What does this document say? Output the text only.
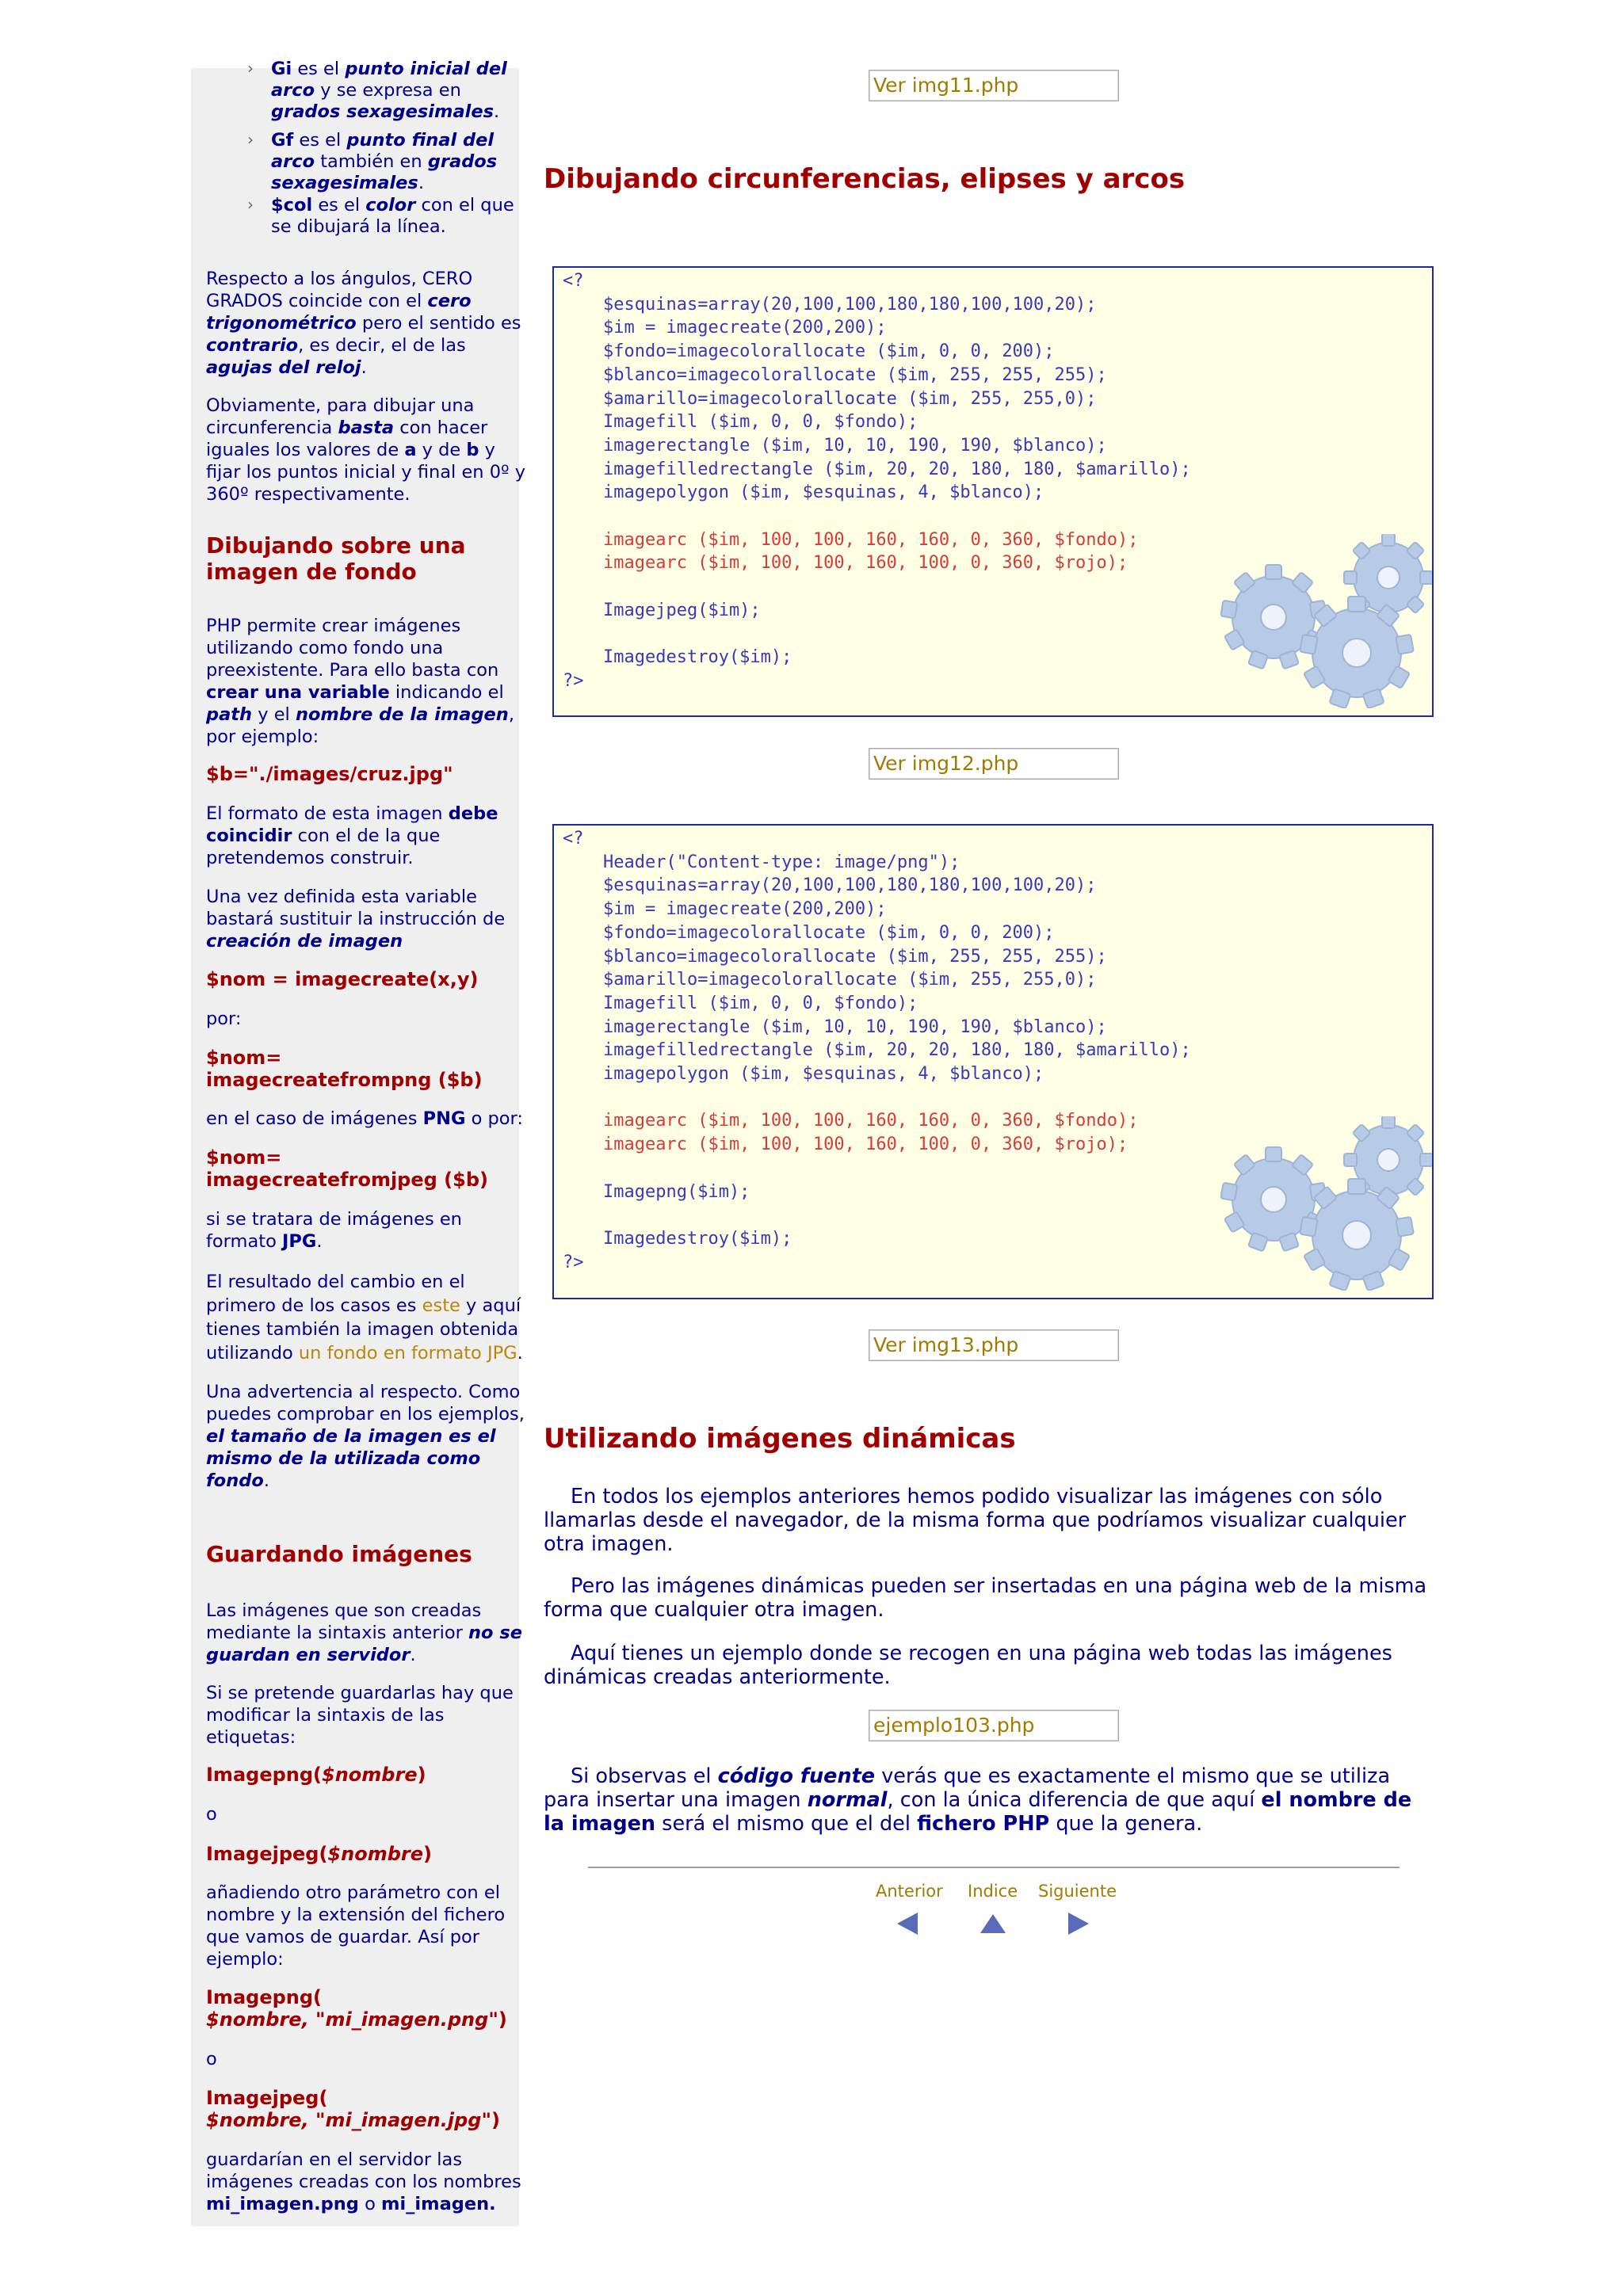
› Gi es el punto inicial del arco y se expresa en grados sexagesimales.
› Gf es el punto final del arco también en grados sexagesimales.
› $col es el color con el que se dibujará la línea.
Respecto a los ángulos, CERO GRADOS coincide con el cero trigonométrico pero el sentido es contrario, es decir, el de las agujas del reloj.
Obviamente, para dibujar una circunferencia basta con hacer iguales los valores de a y de b y fijar los puntos inicial y final en 0º y 360º respectivamente.
Dibujando sobre una imagen de fondo
PHP permite crear imágenes utilizando como fondo una preexistente. Para ello basta con crear una variable indicando el path y el nombre de la imagen, por ejemplo:
$b="./images/cruz.jpg"
El formato de esta imagen debe coincidir con el de la que pretendemos construir.
Una vez definida esta variable bastará sustituir la instrucción de creación de imagen
$nom = imagecreate(x,y)
por:
$nom= imagecreatefrompng ($b)
en el caso de imágenes PNG o por:
$nom= imagecreatefromjpeg ($b)
si se tratara de imágenes en formato JPG.
El resultado del cambio en el primero de los casos es este y aquí tienes también la imagen obtenida utilizando un fondo en formato JPG.
Una advertencia al respecto. Como puedes comprobar en los ejemplos, el tamaño de la imagen es el mismo de la utilizada como fondo.
Guardando imágenes
Las imágenes que son creadas mediante la sintaxis anterior no se guardan en servidor.
Si se pretende guardarlas hay que modificar la sintaxis de las etiquetas:
Imagepng($nombre)
o
Imagejpeg($nombre)
añadiendo otro parámetro con el nombre y la extensión del fichero que vamos de guardar. Así por ejemplo:
Imagepng(
$nombre, "mi_imagen.png")
o
Imagejpeg(
$nombre, "mi_imagen.jpg")
guardarían en el servidor las imágenes creadas con los nombres mi_imagen.png o mi_imagen.
Ver img11.php
Dibujando circunferencias, elipses y arcos
<?
$esquinas=array(20,100,100,180,180,100,100,20);
$im = imagecreate(200,200);
$fondo=imagecolorallocate ($im, 0, 0, 200);
$blanco=imagecolorallocate ($im, 255, 255, 255);
$amarillo=imagecolorallocate ($im, 255, 255,0);
Imagefill ($im, 0, 0, $fondo);
imagerectangle ($im, 10, 10, 190, 190, $blanco);
imagefilledrectangle ($im, 20, 20, 180, 180, $amarillo);
imagepolygon ($im, $esquinas, 4, $blanco);
imagearc ($im, 100, 100, 160, 160, 0, 360, $fondo);
imagearc ($im, 100, 100, 160, 100, 0, 360, $rojo);
Imagejpeg($im);
Imagedestroy($im);
?>
Ver img12.php
<?
Header("Content-type: image/png");
$esquinas=array(20,100,100,180,180,100,100,20);
$im = imagecreate(200,200);
$fondo=imagecolorallocate ($im, 0, 0, 200);
$blanco=imagecolorallocate ($im, 255, 255, 255);
$amarillo=imagecolorallocate ($im, 255, 255,0);
Imagefill ($im, 0, 0, $fondo);
imagerectangle ($im, 10, 10, 190, 190, $blanco);
imagefilledrectangle ($im, 20, 20, 180, 180, $amarillo);
imagepolygon ($im, $esquinas, 4, $blanco);
imagearc ($im, 100, 100, 160, 160, 0, 360, $fondo);
imagearc ($im, 100, 100, 160, 100, 0, 360, $rojo);
Imagepng($im);
Imagedestroy($im);
?>
Ver img13.php
Utilizando imágenes dinámicas
En todos los ejemplos anteriores hemos podido visualizar las imágenes con sólo llamarlas desde el navegador, de la misma forma que podríamos visualizar cualquier otra imagen.
Pero las imágenes dinámicas pueden ser insertadas en una página web de la misma forma que cualquier otra imagen.
Aquí tienes un ejemplo donde se recogen en una página web todas las imágenes dinámicas creadas anteriormente.
ejemplo103.php
Si observas el código fuente verás que es exactamente el mismo que se utiliza para insertar una imagen normal, con la única diferencia de que aquí el nombre de la imagen será el mismo que el del fichero PHP que la genera.
Anterior Indice Siguiente
